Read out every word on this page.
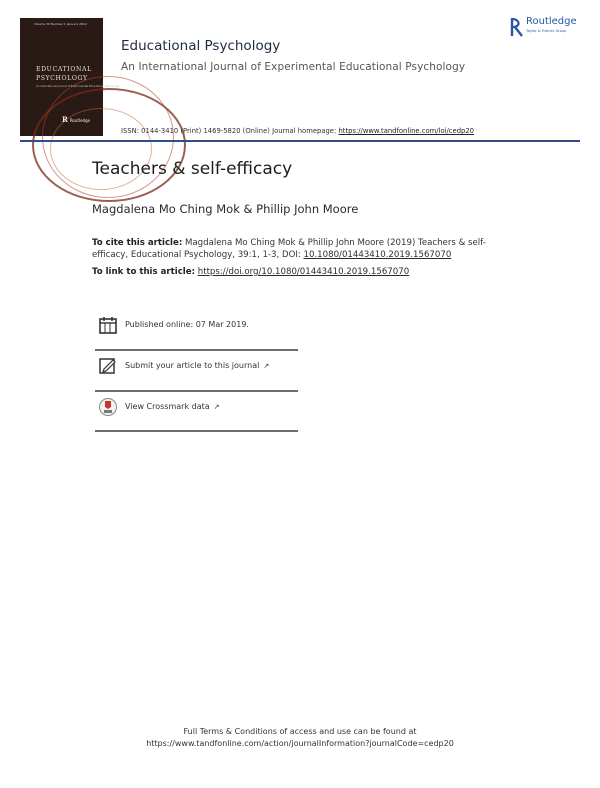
Volume 39 Number 1 January 2019
EDUCATIONAL
PSYCHOLOGY
An International Journal of Experimental Educational Psychology
R Routledge
Educational Psychology
An International Journal of Experimental Educational Psychology
ISSN: 0144-3410 (Print) 1469-5820 (Online) Journal homepage: https://www.tandfonline.com/loi/cedp20
Routledge
Taylor & Francis Group
Teachers & self-efficacy
Magdalena Mo Ching Mok & Phillip John Moore
To cite this article: Magdalena Mo Ching Mok & Phillip John Moore (2019) Teachers & self-efficacy, Educational Psychology, 39:1, 1-3, DOI: 10.1080/01443410.2019.1567070
To link to this article: https://doi.org/10.1080/01443410.2019.1567070
Published online: 07 Mar 2019.
Submit your article to this journal ↗
View Crossmark data ↗
Full Terms & Conditions of access and use can be found at
https://www.tandfonline.com/action/journalInformation?journalCode=cedp20
